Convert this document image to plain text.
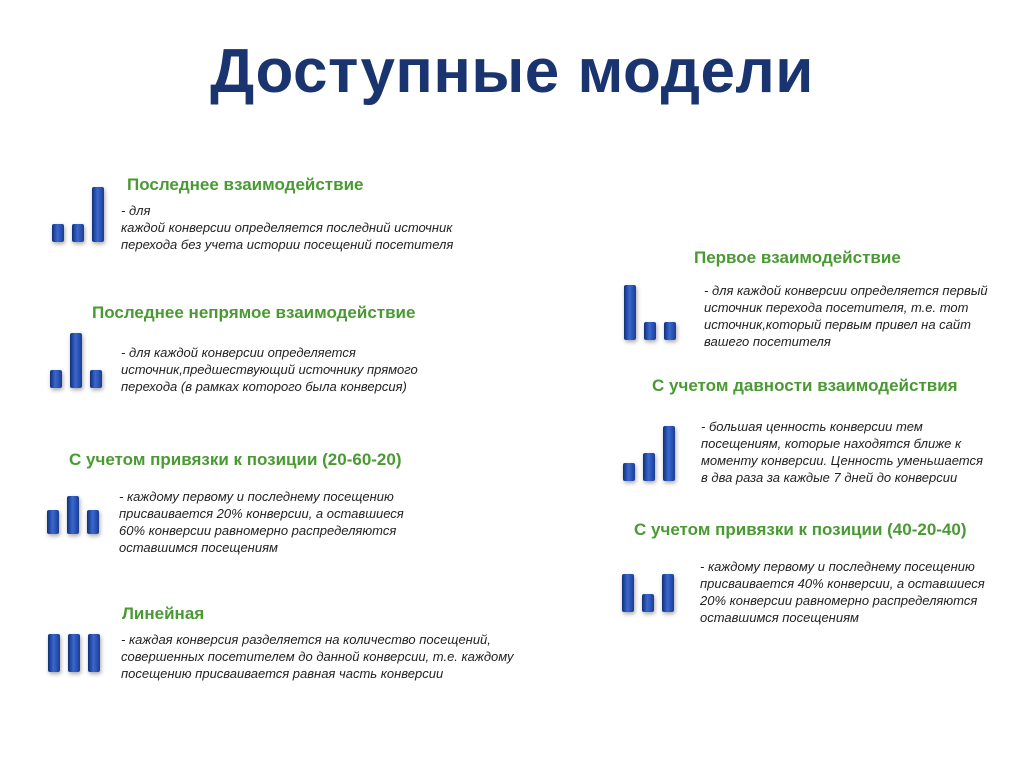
Доступные модели
Последнее взаимодействие
- для
каждой конверсии определяется последний источник
перехода без учета истории посещений посетителя
Последнее непрямое взаимодействие
- для каждой конверсии определяется
источник,предшествующий источнику прямого
перехода (в рамках которого была конверсия)
С учетом привязки к позиции (20-60-20)
- каждому первому и последнему посещению
присваивается 20% конверсии, а оставшиеся
60% конверсии равномерно распределяются
оставшимся посещениям
Линейная
- каждая конверсия разделяется на количество посещений,
совершенных посетителем до данной конверсии, т.е. каждому
посещению присваивается равная часть конверсии
Первое взаимодействие
- для каждой конверсии определяется первый
источник перехода посетителя, т.е. тот
источник,который первым привел на сайт
вашего посетителя
С учетом давности взаимодействия
- большая ценность конверсии тем
посещениям, которые находятся ближе к
моменту конверсии. Ценность уменьшается
в два раза за каждые 7 дней до конверсии
С учетом привязки к позиции (40-20-40)
- каждому первому и последнему посещению
присваивается 40% конверсии, а оставшиеся
20% конверсии равномерно распределяются
оставшимся посещениям
